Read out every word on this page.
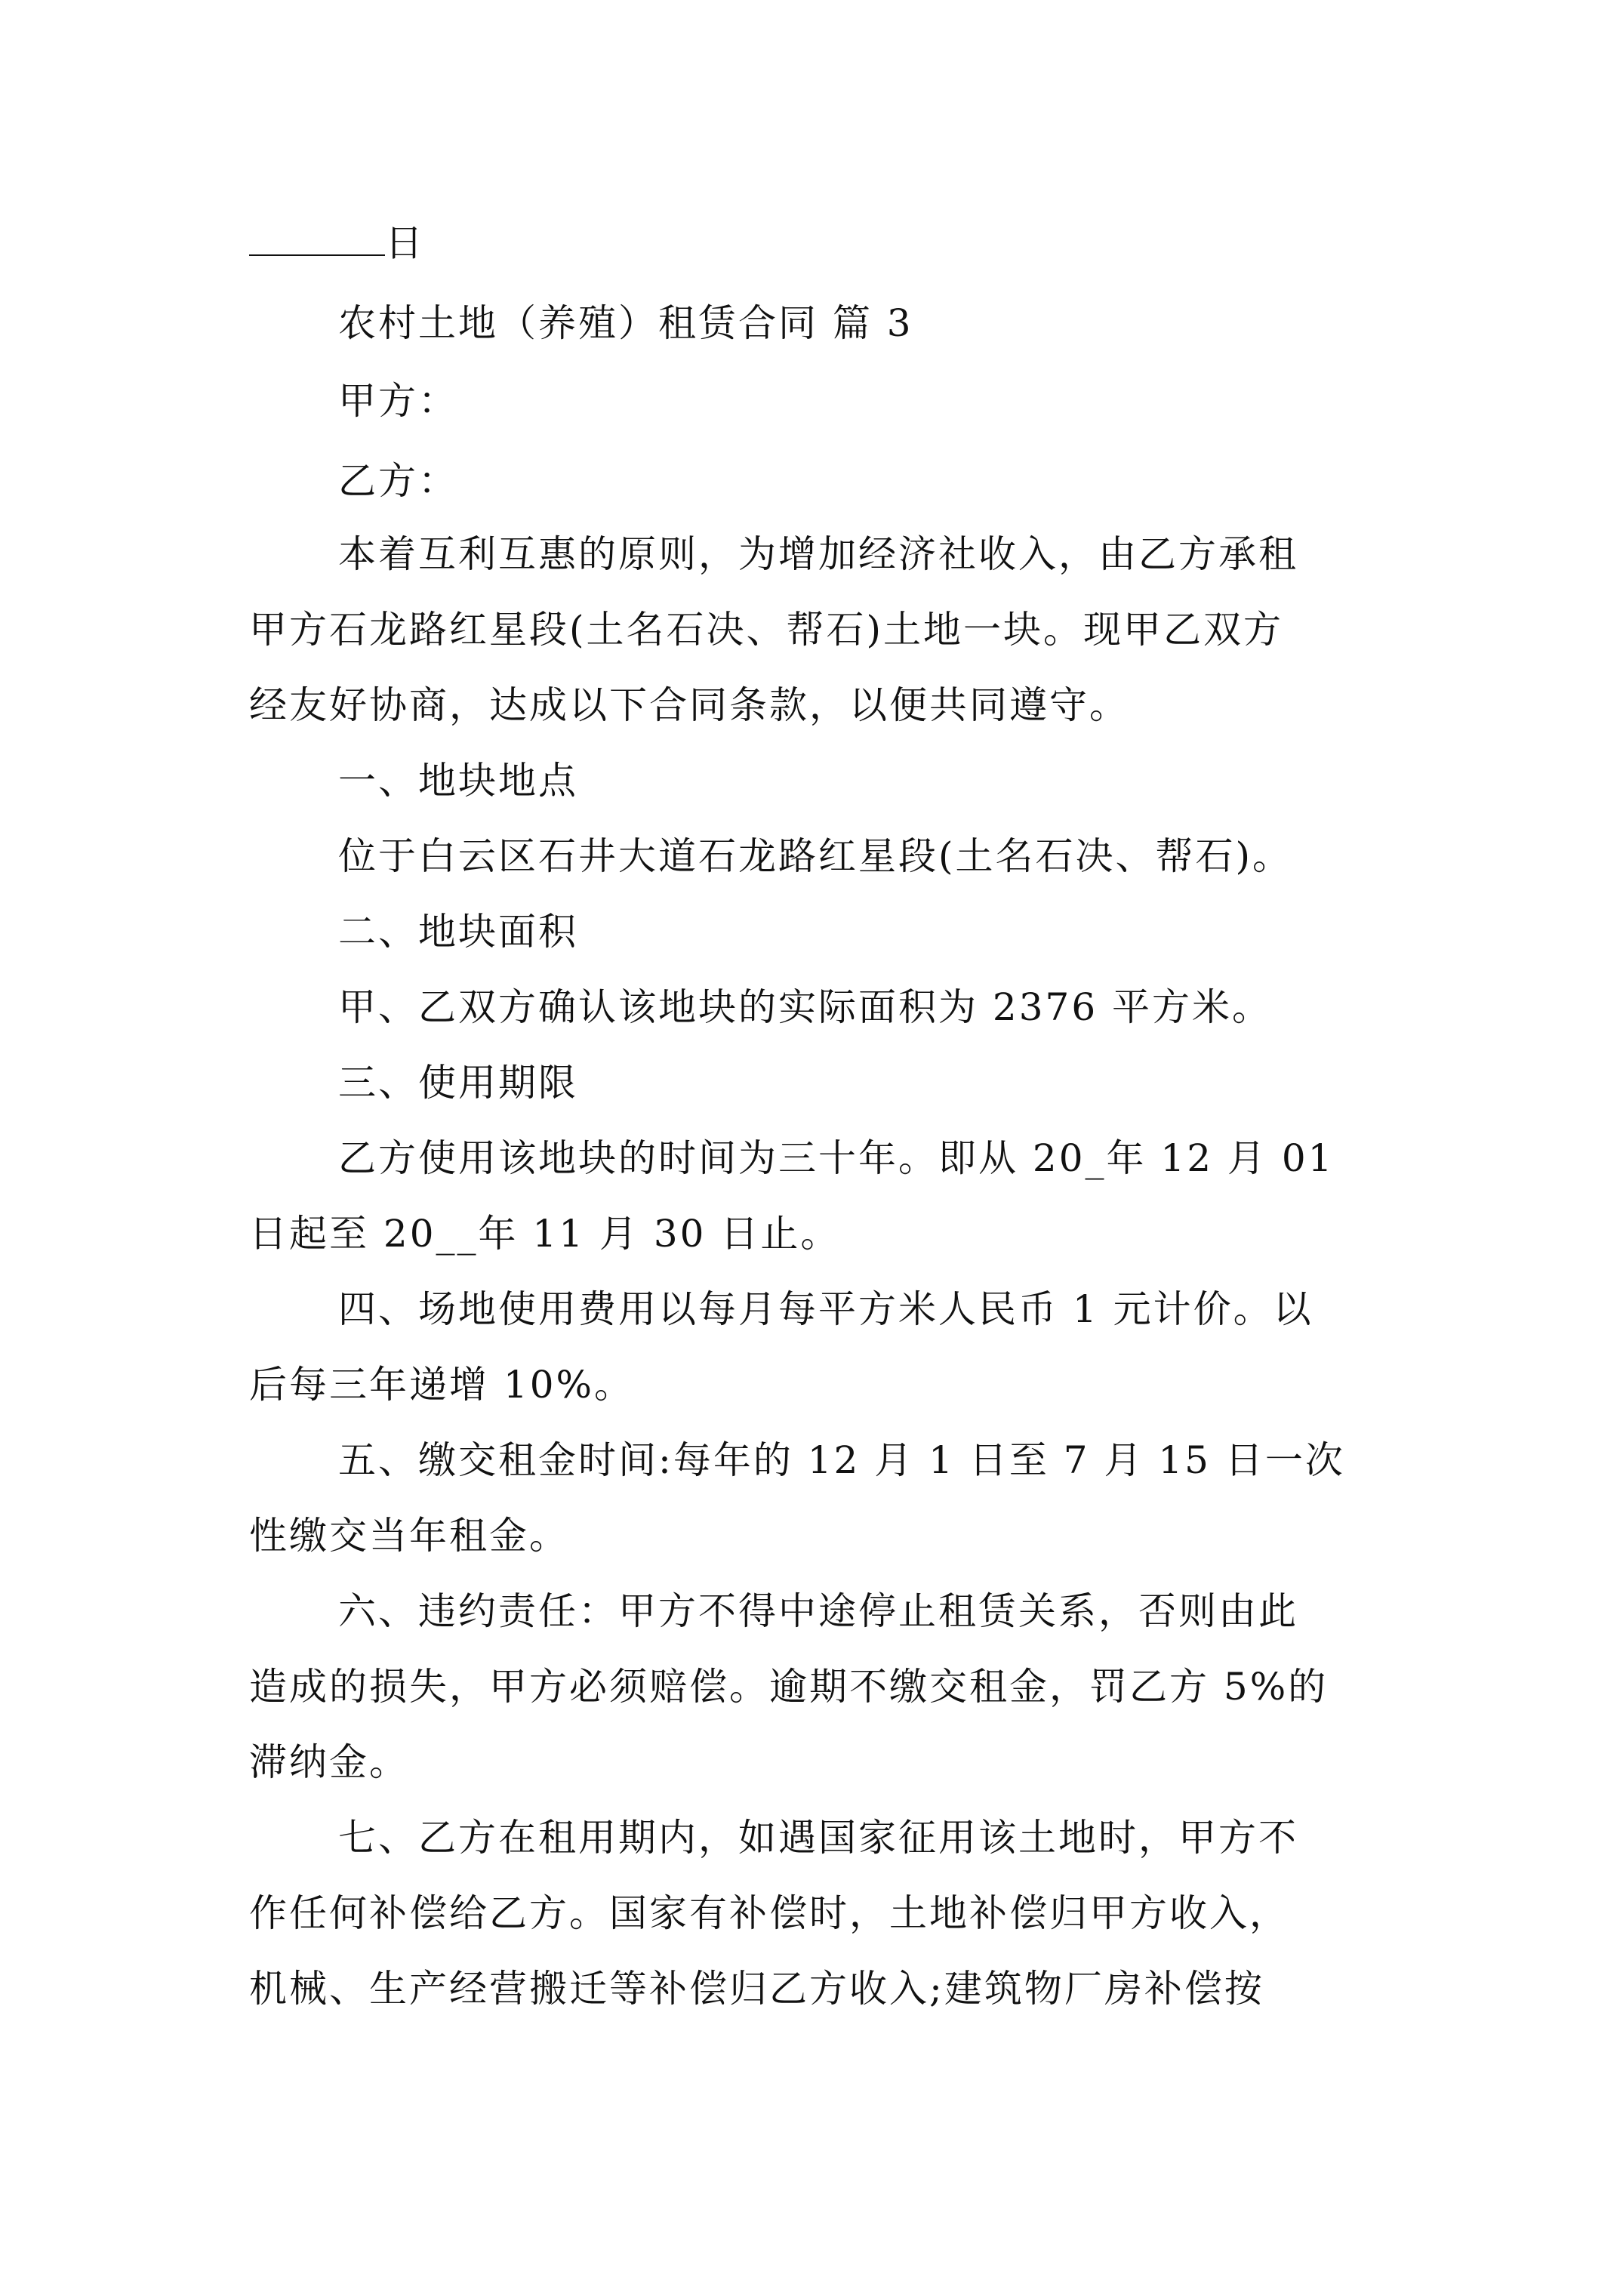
日
农村土地（养殖）租赁合同 篇 3
甲方：
乙方：
本着互利互惠的原则，为增加经济社收入，由乙方承租
甲方石龙路红星段(土名石决、帮石)土地一块。现甲乙双方
经友好协商，达成以下合同条款，以便共同遵守。
一、地块地点
位于白云区石井大道石龙路红星段(土名石决、帮石)。
二、地块面积
甲、乙双方确认该地块的实际面积为 2376 平方米。
三、使用期限
乙方使用该地块的时间为三十年。即从 20_年 12 月 01
日起至 20__年 11 月 30 日止。
四、场地使用费用以每月每平方米人民币 1 元计价。以
后每三年递增 10%。
五、缴交租金时间:每年的 12 月 1 日至 7 月 15 日一次
性缴交当年租金。
六、违约责任：甲方不得中途停止租赁关系，否则由此
造成的损失，甲方必须赔偿。逾期不缴交租金，罚乙方 5%的
滞纳金。
七、乙方在租用期内，如遇国家征用该土地时，甲方不
作任何补偿给乙方。国家有补偿时，土地补偿归甲方收入，
机械、生产经营搬迁等补偿归乙方收入;建筑物厂房补偿按
